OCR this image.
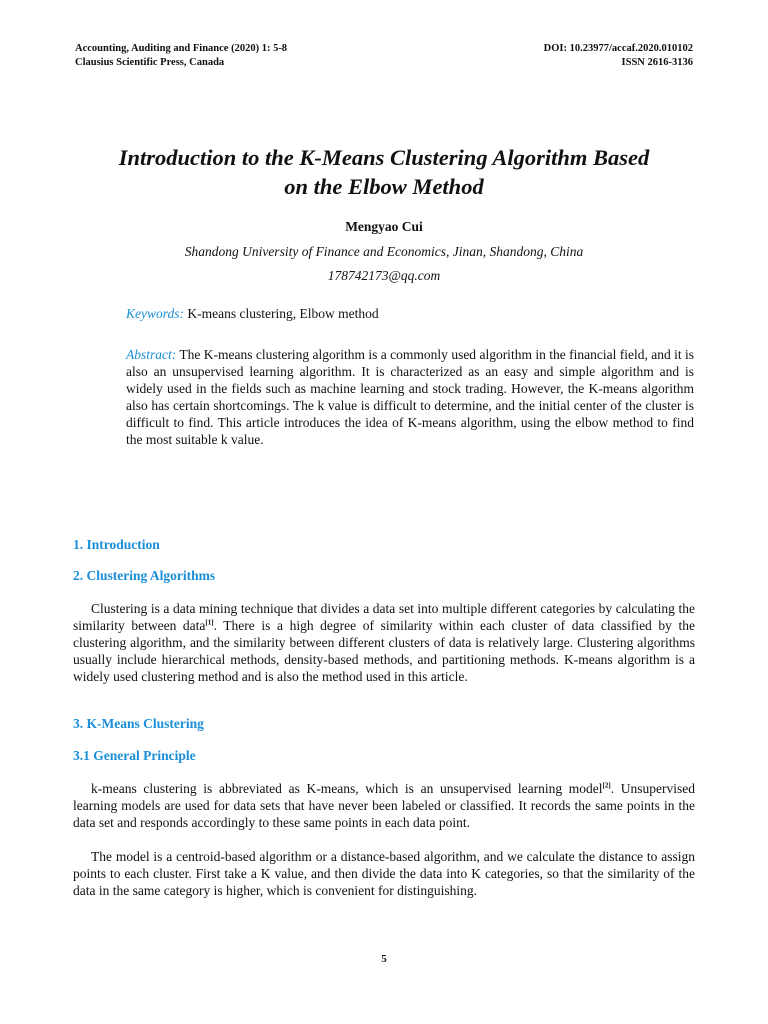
Accounting, Auditing and Finance (2020) 1: 5-8
Clausius Scientific Press, Canada
DOI: 10.23977/accaf.2020.010102
ISSN 2616-3136
Introduction to the K-Means Clustering Algorithm Based
on the Elbow Method
Mengyao Cui
Shandong University of Finance and Economics, Jinan, Shandong, China
178742173@qq.com
Keywords: K-means clustering, Elbow method

Abstract: The K-means clustering algorithm is a commonly used algorithm in the financial field, and it is also an unsupervised learning algorithm. It is characterized as an easy and simple algorithm and is widely used in the fields such as machine learning and stock trading. However, the K-means algorithm also has certain shortcomings. The k value is difficult to determine, and the initial center of the cluster is difficult to find. This article introduces the idea of K-means algorithm, using the elbow method to find the most suitable k value.

1. Introduction
2. Clustering Algorithms

Clustering is a data mining technique that divides a data set into multiple different categories by calculating the similarity between data[1]. There is a high degree of similarity within each cluster of data classified by the clustering algorithm, and the similarity between different clusters of data is relatively large. Clustering algorithms usually include hierarchical methods, density-based methods, and partitioning methods. K-means algorithm is a widely used clustering method and is also the method used in this article.

3. K-Means Clustering
3.1 General Principle

k-means clustering is abbreviated as K-means, which is an unsupervised learning model[2]. Unsupervised learning models are used for data sets that have never been labeled or classified. It records the same points in the data set and responds accordingly to these same points in each data point.

The model is a centroid-based algorithm or a distance-based algorithm, and we calculate the distance to assign points to each cluster. First take a K value, and then divide the data into K categories, so that the similarity of the data in the same category is higher, which is convenient for distinguishing.

5
